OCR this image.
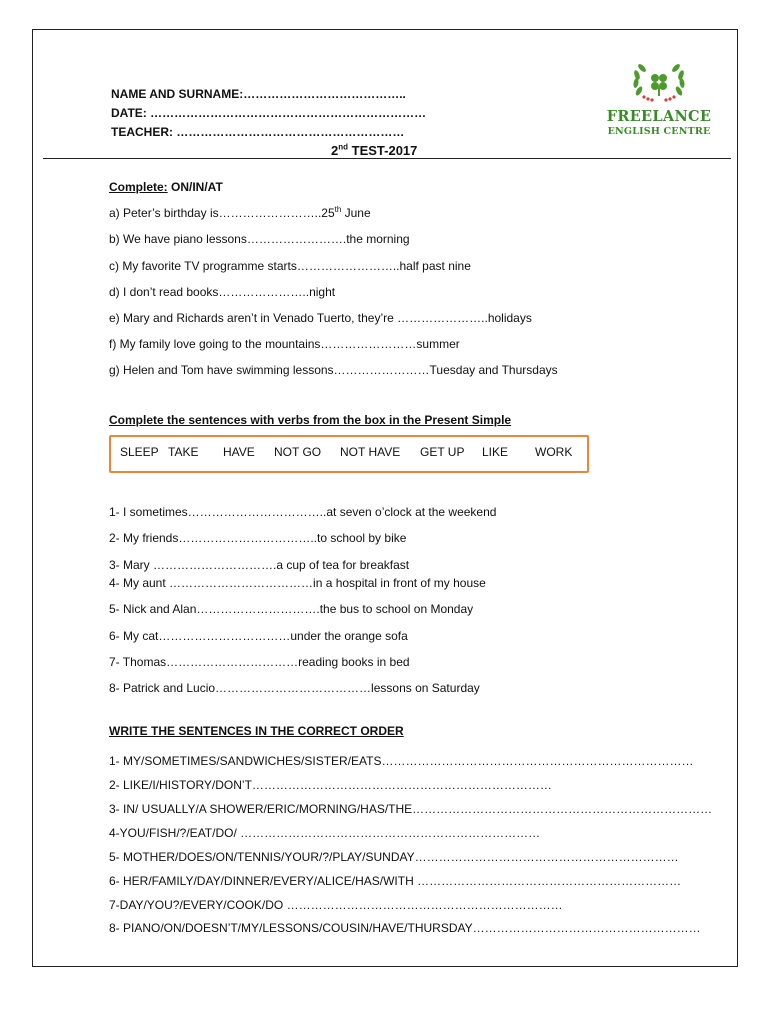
NAME AND SURNAME:…………………………………..
DATE: ……………………………………………………………
TEACHER: …………………………………………………
FREELANCE
ENGLISH CENTRE
2nd TEST-2017
Complete: ON/IN/AT
a) Peter’s birthday is……………………..25th June
b) We have piano lessons…………………….the morning
c) My favorite TV programme starts……………………..half past nine
d) I don’t read books…………………..night
e) Mary and Richards aren’t in Venado Tuerto, they’re …………………..holidays
f) My family love going to the mountains……………………summer
g) Helen and Tom have swimming lessons……………………Tuesday and Thursdays
Complete the sentences with verbs from the box in the Present Simple
SLEEP TAKE HAVE NOT GO NOT HAVE GET UP LIKE WORK
1- I sometimes……………………………..at seven o’clock at the weekend
2- My friends……………………………..to school by bike
3- Mary ………………………….a cup of tea for breakfast
4- My aunt ………………………………in a hospital in front of my house
5- Nick and Alan………………………….the bus to school on Monday
6- My cat……………………………under the orange sofa
7- Thomas……………………………reading books in bed
8- Patrick and Lucio…………………………………lessons on Saturday
WRITE THE SENTENCES IN THE CORRECT ORDER
1- MY/SOMETIMES/SANDWICHES/SISTER/EATS……………………………………………………………………
2- LIKE/I/HISTORY/DON’T…………………………………………………………………
3- IN/ USUALLY/A SHOWER/ERIC/MORNING/HAS/THE…………………………………………………………………
4-YOU/FISH/?/EAT/DO/ …………………………………………………………………
5- MOTHER/DOES/ON/TENNIS/YOUR/?/PLAY/SUNDAY…………………………………………………………
6- HER/FAMILY/DAY/DINNER/EVERY/ALICE/HAS/WITH …………………………………………………………
7-DAY/YOU?/EVERY/COOK/DO ……………………………………………………………
8- PIANO/ON/DOESN’T/MY/LESSONS/COUSIN/HAVE/THURSDAY…………………………………………………
